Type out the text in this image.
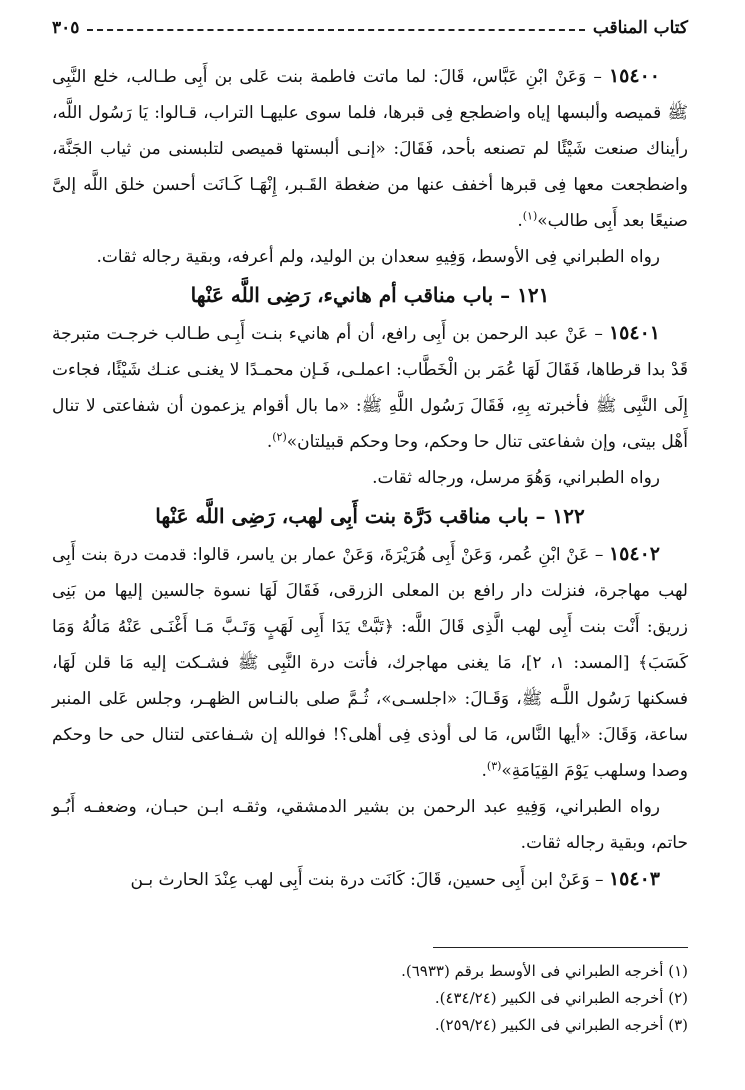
كتاب المناقب
٣٠٥

١٥٤٠٠ – وَعَنْ ابْنِ عَبَّاس، قَالَ: لما ماتت فاطمة بنت عَلى بن أَبِى طـالب، خلع النَّبِى ﷺ قميصه وألبسها إياه واضطجع فِى قبرها، فلما سوى عليهـا التراب، قـالوا: يَا رَسُول اللَّه، رأيناك صنعت شَيْئًا لم تصنعه بأحد، فَقَالَ: «إنـى ألبستها قميصى لتلبسنى من ثياب الجَنَّة، واضطجعت معها فِى قبرها أخفف عنها من ضغطة القَـبر، إِنْهَـا كَـانَت أحسن خلق اللَّه إلىَّ صنيعًا بعد أَبِى طالب»$^{(١)}$.

رواه الطبراني فِى الأوسط، وَفِيهِ سعدان بن الوليد، ولم أعرفه، وبقية رجاله ثقات.

١٢١ – باب مناقب أم هانيء، رَضِى اللَّه عَنْها

١٥٤٠١ – عَنْ عبد الرحمن بن أَبِى رافع، أن أم هانيء بنـت أَبِـى طـالب خرجـت متبرجة قَدْ بدا قرطاها، فَقَالَ لَهَا عُمَر بن الْخَطَّاب: اعملـى، فَـإن محمـدًا لا يغنـى عنـك شَيْئًا، فجاءت إِلَى النَّبِى ﷺ فأخبرته بِهِ، فَقَالَ رَسُول اللَّهِ ﷺ: «ما بال أقوام يزعمون أن شفاعتى لا تنال أَهْل بيتى، وإن شفاعتى تنال حا وحكم، وحا وحكم قبيلتان»$^{(٢)}$.

رواه الطبراني، وَهُوَ مرسل، ورجاله ثقات.

١٢٢ – باب مناقب دَرَّة بنت أَبِى لهب، رَضِى اللَّه عَنْها

١٥٤٠٢ – عَنْ ابْنِ عُمر، وَعَنْ أَبِى هُرَيْرَةَ، وَعَنْ عمار بن ياسر، قالوا: قدمت درة بنت أَبِى لهب مهاجرة، فنزلت دار رافع بن المعلى الزرقى، فَقَالَ لَهَا نسوة جالسين إليها من بَنِى زريق: أَنْت بنت أَبِى لهب الَّذِى قَالَ اللَّه: ﴿تَبَّتْ يَدَا أَبِى لَهَبٍ وَتَـبَّ مَـا أَغْنَـى عَنْهُ مَالُهُ وَمَا كَسَبَ﴾ [المسد: ١، ٢]، مَا يغنى مهاجرك، فأتت درة النَّبِى ﷺ فشـكت إليه مَا قلن لَهَا، فسكنها رَسُول اللَّـه ﷺ، وَقَـالَ: «اجلسـى»، ثُـمَّ صلى بالنـاس الظهـر، وجلس عَلى المنبر ساعة، وَقَالَ: «أيها النَّاس، مَا لى أوذى فِى أهلى؟! فوالله إن شـفاعتى لتنال حى حا وحكم وصدا وسلهب يَوْمَ القِيَامَةِ»$^{(٣)}$.

رواه الطبراني، وَفِيهِ عبد الرحمن بن بشير الدمشقي، وثقـه ابـن حبـان، وضعفـه أَبُـو حاتم، وبقية رجاله ثقات.

١٥٤٠٣ – وَعَنْ ابن أَبِى حسين، قَالَ: كَانَت درة بنت أَبِى لهب عِنْدَ الحارث بـن

(١) أخرجه الطبراني فى الأوسط برقم (٦٩٣٣).

(٢) أخرجه الطبراني فى الكبير (٤٣٤/٢٤).

(٣) أخرجه الطبراني فى الكبير (٢٥٩/٢٤).
